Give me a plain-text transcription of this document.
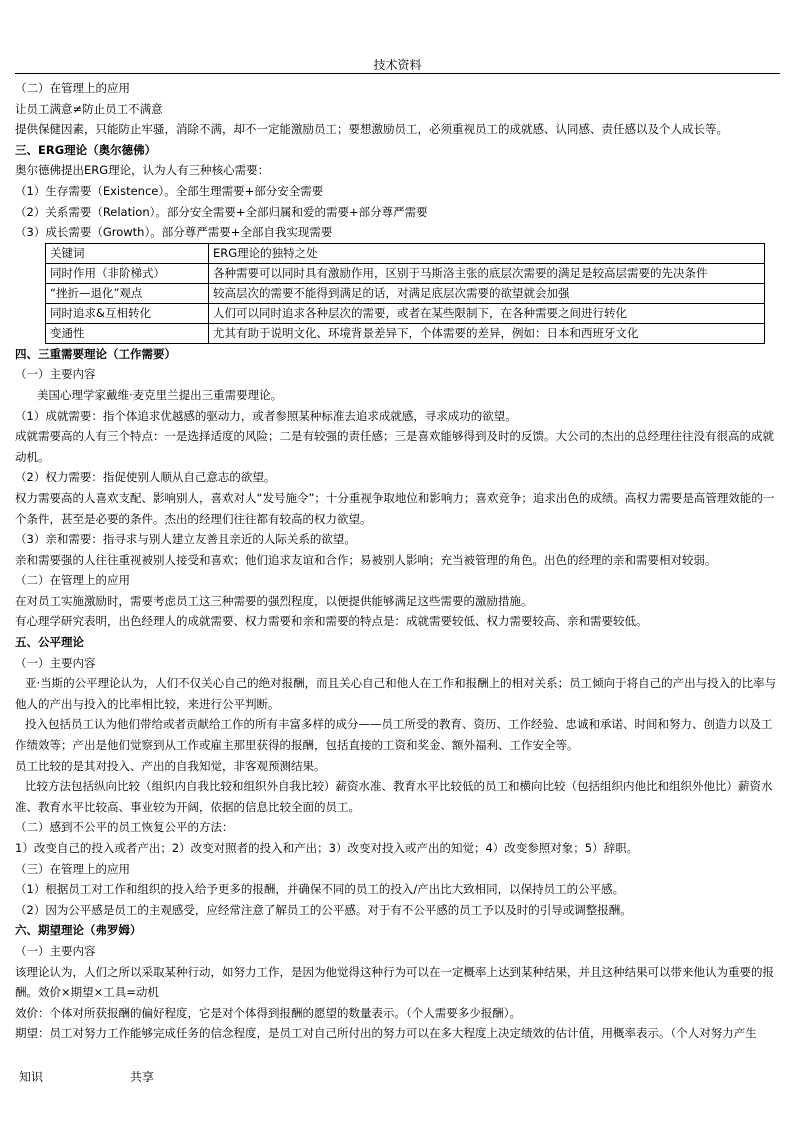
技术资料

（二）在管理上的应用

让员工满意≠防止员工不满意

提供保健因素，只能防止牢骚，消除不满，却不一定能激励员工；要想激励员工，必须重视员工的成就感、认同感、责任感以及个人成长等。

三、ERG理论（奥尔德佛）

奥尔德佛提出ERG理论，认为人有三种核心需要：

（1）生存需要（Existence）。全部生理需要+部分安全需要

（2）关系需要（Relation）。部分安全需要+全部归属和爱的需要+部分尊严需要

（3）成长需要（Growth）。部分尊严需要+全部自我实现需要

关键词	ERG理论的独特之处
同时作用（非阶梯式）	各种需要可以同时具有激励作用，区别于马斯洛主张的底层次需要的满足是较高层需要的先决条件
“挫折—退化”观点	较高层次的需要不能得到满足的话，对满足底层次需要的欲望就会加强
同时追求&互相转化	人们可以同时追求各种层次的需要，或者在某些限制下，在各种需要之间进行转化
变通性	尤其有助于说明文化、环境背景差异下，个体需要的差异，例如：日本和西班牙文化

四、三重需要理论（工作需要）

（一）主要内容

美国心理学家戴维·麦克里兰提出三重需要理论。

（1）成就需要：指个体追求优越感的驱动力，或者参照某种标准去追求成就感，寻求成功的欲望。

成就需要高的人有三个特点：一是选择适度的风险；二是有较强的责任感；三是喜欢能够得到及时的反馈。大公司的杰出的总经理往往没有很高的成就动机。

（2）权力需要：指促使别人顺从自己意志的欲望。

权力需要高的人喜欢支配、影响别人，喜欢对人“发号施令”；十分重视争取地位和影响力；喜欢竞争；追求出色的成绩。高权力需要是高管理效能的一个条件，甚至是必要的条件。杰出的经理们往往都有较高的权力欲望。

（3）亲和需要：指寻求与别人建立友善且亲近的人际关系的欲望。

亲和需要强的人往往重视被别人接受和喜欢；他们追求友谊和合作；易被别人影响；充当被管理的角色。出色的经理的亲和需要相对较弱。

（二）在管理上的应用

在对员工实施激励时，需要考虑员工这三种需要的强烈程度，以便提供能够满足这些需要的激励措施。

有心理学研究表明，出色经理人的成就需要、权力需要和亲和需要的特点是：成就需要较低、权力需要较高、亲和需要较低。

五、公平理论

（一）主要内容

亚·当斯的公平理论认为，人们不仅关心自己的绝对报酬，而且关心自己和他人在工作和报酬上的相对关系；员工倾向于将自己的产出与投入的比率与他人的产出与投入的比率相比较，来进行公平判断。

投入包括员工认为他们带给或者贡献给工作的所有丰富多样的成分——员工所受的教育、资历、工作经验、忠诚和承诺、时间和努力、创造力以及工作绩效等；产出是他们觉察到从工作或雇主那里获得的报酬，包括直接的工资和奖金、额外福利、工作安全等。

员工比较的是其对投入、产出的自我知觉，非客观预测结果。

比较方法包括纵向比较（组织内自我比较和组织外自我比较）薪资水准、教育水平比较低的员工和横向比较（包括组织内他比和组织外他比）薪资水准、教育水平比较高、事业较为开阔，依据的信息比较全面的员工。

（二）感到不公平的员工恢复公平的方法：

1）改变自己的投入或者产出；2）改变对照者的投入和产出；3）改变对投入或产出的知觉；4）改变参照对象；5）辞职。

（三）在管理上的应用

（1）根据员工对工作和组织的投入给予更多的报酬，并确保不同的员工的投入/产出比大致相同，以保持员工的公平感。

（2）因为公平感是员工的主观感受，应经常注意了解员工的公平感。对于有不公平感的员工予以及时的引导或调整报酬。

六、期望理论（弗罗姆）

（一）主要内容

该理论认为，人们之所以采取某种行动，如努力工作，是因为他觉得这种行为可以在一定概率上达到某种结果，并且这种结果可以带来他认为重要的报酬。效价×期望×工具=动机

效价：个体对所获报酬的偏好程度，它是对个体得到报酬的愿望的数量表示。（个人需要多少报酬）。

期望：员工对努力工作能够完成任务的信念程度，是员工对自己所付出的努力可以在多大程度上决定绩效的估计值，用概率表示。（个人对努力产生

知识	共享
